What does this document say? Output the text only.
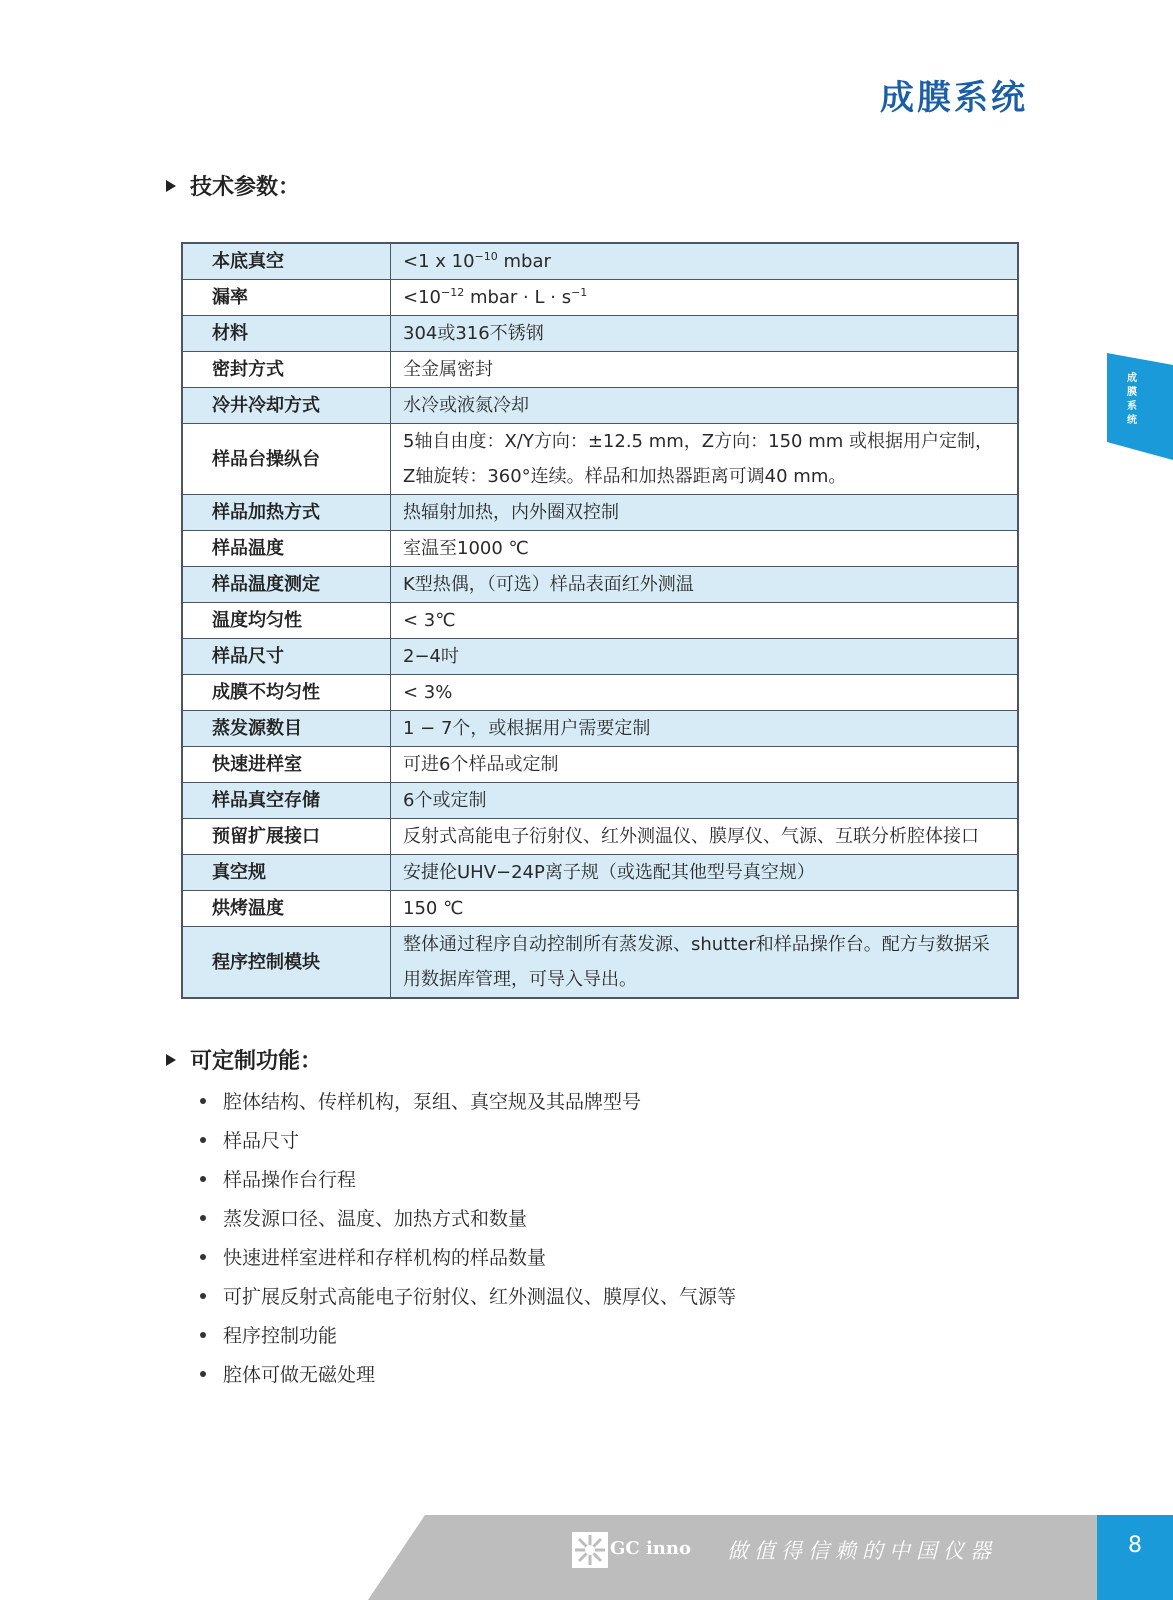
成膜系统
成膜系统
技术参数：
本底真空	<1 x $10^{-10}$ mbar
漏率	$<10^{-12}$ mbar · $L \cdot s^{-1}$
材料	304或316不锈钢
密封方式	全金属密封
冷井冷却方式	水冷或液氮冷却
样品台操纵台	5轴自由度：X/Y方向：±12.5 mm，Z方向：150 mm 或根据用户定制，
Z轴旋转：360°连续。样品和加热器距离可调40 mm。

样品加热方式	热辐射加热，内外圈双控制
样品温度	室温至1000 ℃
样品温度测定	K型热偶，（可选）样品表面红外测温
温度均匀性	< 3℃
样品尺寸	2−4吋
成膜不均匀性	< 3%
蒸发源数目	1 − 7个，或根据用户需要定制
快速进样室	可进6个样品或定制
样品真空存储	6个或定制
预留扩展接口	反射式高能电子衍射仪、红外测温仪、膜厚仪、气源、互联分析腔体接口
真空规	安捷伦UHV−24P离子规（或选配其他型号真空规）
烘烤温度	150 ℃
程序控制模块	整体通过程序自动控制所有蒸发源、shutter和样品操作台。配方与数据采
用数据库管理，可导入导出。
可定制功能：
腔体结构、传样机构，泵组、真空规及其品牌型号
样品尺寸
样品操作台行程
蒸发源口径、温度、加热方式和数量
快速进样室进样和存样机构的样品数量
可扩展反射式高能电子衍射仪、红外测温仪、膜厚仪、气源等
程序控制功能
腔体可做无磁处理
GC inno 做值得信赖的中国仪器	8
